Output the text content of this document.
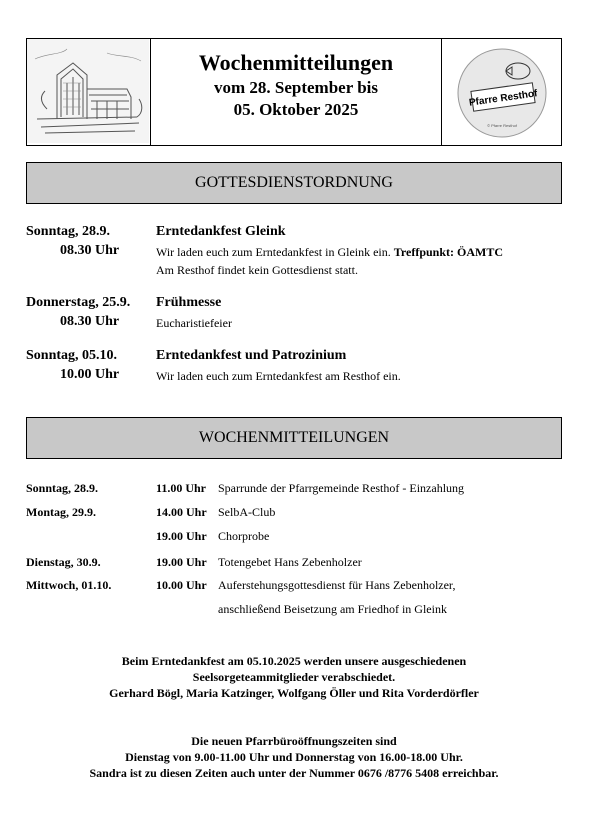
Wochenmitteilungen
vom 28. September bis
05. Oktober 2025
Pfarre Resthof
© Pfarre Resthof
GOTTESDIENSTORDNUNG
Sonntag, 28.9.
08.30 Uhr
Erntedankfest Gleink
Wir laden euch zum Erntedankfest in Gleink ein. Treffpunkt: ÖAMTC
Am Resthof findet kein Gottesdienst statt.
Donnerstag, 25.9.
08.30 Uhr
Frühmesse
Eucharistiefeier
Sonntag, 05.10.
10.00 Uhr
Erntedankfest und Patrozinium
Wir laden euch zum Erntedankfest am Resthof ein.
WOCHENMITTEILUNGEN
Sonntag, 28.9.	11.00 Uhr Sparrunde der Pfarrgemeinde Resthof - Einzahlung
Montag, 29.9.	14.00 Uhr SelbA-Club
19.00 Uhr Chorprobe
Dienstag, 30.9.	19.00 Uhr Totengebet Hans Zebenholzer
Mittwoch, 01.10.	10.00 Uhr Auferstehungsgottesdienst für Hans Zebenholzer,
anschließend Beisetzung am Friedhof in Gleink
Beim Erntedankfest am 05.10.2025 werden unsere ausgeschiedenen
Seelsorgeteammitglieder verabschiedet.
Gerhard Bögl, Maria Katzinger, Wolfgang Öller und Rita Vorderdörfler
Die neuen Pfarrbüroöffnungszeiten sind
Dienstag von 9.00-11.00 Uhr und Donnerstag von 16.00-18.00 Uhr.
Sandra ist zu diesen Zeiten auch unter der Nummer 0676 /8776 5408 erreichbar.
